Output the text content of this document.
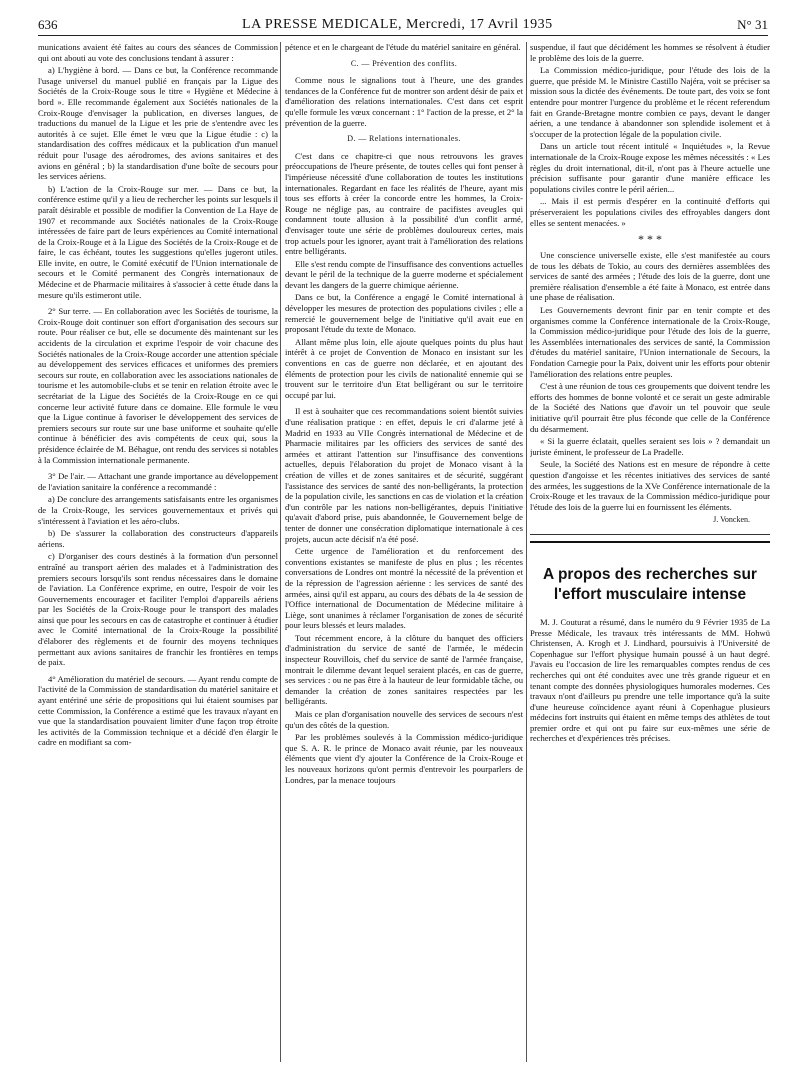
636	LA PRESSE MEDICALE, Mercredi, 17 Avril 1935	N° 31

munications avaient été faites au cours des séances de Commission qui ont abouti au vote des conclusions tendant à assurer :

a) L'hygiène à bord. — Dans ce but, la Conférence recommande l'usage universel du manuel publié en français par la Ligue des Sociétés de la Croix-Rouge sous le titre « Hygiène et Médecine à bord ». Elle recommande également aux Sociétés nationales de la Croix-Rouge d'envisager la publication, en diverses langues, de traductions du manuel de la Ligue et les prie de s'entendre avec les autorités à ce sujet. Elle émet le vœu que la Ligue étudie : c) la standardisation des coffres médicaux et la publication d'un manuel réduit pour l'usage des aérodromes, des avions sanitaires et des avions en général ; b) la standardisation d'une boîte de secours pour les services aériens.

b) L'action de la Croix-Rouge sur mer. — Dans ce but, la conférence estime qu'il y a lieu de rechercher les points sur lesquels il paraît désirable et possible de modifier la Convention de La Haye de 1907 et recommande aux Sociétés nationales de la Croix-Rouge intéressées de faire part de leurs expériences au Comité international de la Croix-Rouge et à la Ligue des Sociétés de la Croix-Rouge et de faire, le cas échéant, toutes les suggestions qu'elles jugeront utiles. Elle invite, en outre, le Comité exécutif de l'Union internationale de secours et le Comité permanent des Congrès internationaux de Médecine et de Pharmacie militaires à s'associer à cette étude dans la mesure qu'ils estimeront utile.

2° Sur terre. — En collaboration avec les Sociétés de tourisme, la Croix-Rouge doit continuer son effort d'organisation des secours sur route. Pour réaliser ce but, elle se documente dès maintenant sur les accidents de la circulation et exprime l'espoir de voir chacune des Sociétés nationales de la Croix-Rouge accorder une attention spéciale au développement des services efficaces et uniformes des premiers secours sur route, en collaboration avec les associations nationales de tourisme et les automobile-clubs et se tenir en relation étroite avec le secrétariat de la Ligue des Sociétés de la Croix-Rouge en ce qui concerne leur activité future dans ce domaine. Elle formule le vœu que la Ligue continue à favoriser le développement des services de premiers secours sur route sur une base uniforme et souhaite qu'elle continue à bénéficier des avis compétents de ceux qui, sous la présidence éclairée de M. Béhague, ont rendu des services si notables à la Commission internationale permanente.

3° De l'air. — Attachant une grande importance au développement de l'aviation sanitaire la conférence a recommandé :

a) De conclure des arrangements satisfaisants entre les organismes de la Croix-Rouge, les services gouvernementaux et privés qui s'intéressent à l'aviation et les aéro-clubs.

b) De s'assurer la collaboration des constructeurs d'appareils aériens.

c) D'organiser des cours destinés à la formation d'un personnel entraîné au transport aérien des malades et à l'administration des premiers secours lorsqu'ils sont rendus nécessaires dans le domaine de l'aviation. La Conférence exprime, en outre, l'espoir de voir les Gouvernements encourager et faciliter l'emploi d'appareils aériens par les Sociétés de la Croix-Rouge pour le transport des malades ainsi que pour les secours en cas de catastrophe et continuer à étudier avec le Comité international de la Croix-Rouge la possibilité d'élaborer des règlements et de fournir des moyens techniques permettant aux avions sanitaires de franchir les frontières en temps de paix.

4° Amélioration du matériel de secours. — Ayant rendu compte de l'activité de la Commission de standardisation du matériel sanitaire et ayant entériné une série de propositions qui lui étaient soumises par cette Commission, la Conférence a estimé que les travaux n'ayant en vue que la standardisation pouvaient limiter d'une façon trop étroite les activités de la Commission technique et a décidé d'en élargir le cadre en modifiant sa com-

pétence et en le chargeant de l'étude du matériel sanitaire en général.

C. — Prévention des conflits.

Comme nous le signalions tout à l'heure, une des grandes tendances de la Conférence fut de montrer son ardent désir de paix et d'amélioration des relations internationales. C'est dans cet esprit qu'elle formule les vœux concernant : 1° l'action de la presse, et 2° la prévention de la guerre.

D. — Relations internationales.

C'est dans ce chapitre-ci que nous retrouvons les graves préoccupations de l'heure présente, de toutes celles qui font penser à l'impérieuse nécessité d'une collaboration de toutes les institutions internationales. Regardant en face les réalités de l'heure, ayant mis tous ses efforts à créer la concorde entre les hommes, la Croix-Rouge ne néglige pas, au contraire de pacifistes aveugles qui condamnent toute allusion à la possibilité d'un conflit armé, d'envisager toute une série de problèmes douloureux certes, mais trop actuels pour les ignorer, ayant trait à l'amélioration des relations entre belligérants.

Elle s'est rendu compte de l'insuffisance des conventions actuelles devant le péril de la technique de la guerre moderne et spécialement devant les dangers de la guerre chimique aérienne.

Dans ce but, la Conférence a engagé le Comité international à développer les mesures de protection des populations civiles ; elle a remercié le gouvernement belge de l'initiative qu'il avait eue en proposant l'étude du texte de Monaco.

Allant même plus loin, elle ajoute quelques points du plus haut intérêt à ce projet de Convention de Monaco en insistant sur les conventions en cas de guerre non déclarée, et en ajoutant des éléments de protection pour les civils de nationalité ennemie qui se trouvent sur le territoire d'un Etat belligérant ou sur le territoire occupé par lui.

Il est à souhaiter que ces recommandations soient bientôt suivies d'une réalisation pratique : en effet, depuis le cri d'alarme jeté à Madrid en 1933 au VIIe Congrès international de Médecine et de Pharmacie militaires par les officiers des services de santé des armées et attirant l'attention sur l'insuffisance des conventions actuelles, depuis l'élaboration du projet de Monaco visant à la création de villes et de zones sanitaires et de sécurité, suggérant l'assistance des services de santé des non-belligérants, la protection de la population civile, les sanctions en cas de violation et la création d'un contrôle par les nations non-belligérantes, depuis l'initiative qu'avait d'abord prise, puis abandonnée, le Gouvernement belge de tenter de donner une consécration diplomatique internationale à ces projets, aucun acte décisif n'a été posé.

Cette urgence de l'amélioration et du renforcement des conventions existantes se manifeste de plus en plus ; les récentes conversations de Londres ont montré la nécessité de la prévention et de la répression de l'agression aérienne : les services de santé des armées, ainsi qu'il est apparu, au cours des débats de la 4e session de l'Office international de Documentation de Médecine militaire à Liège, sont unanimes à réclamer l'organisation de zones de sécurité pour leurs blessés et leurs malades.

Tout récemment encore, à la clôture du banquet des officiers d'administration du service de santé de l'armée, le médecin inspecteur Rouvillois, chef du service de santé de l'armée française, montrait le dilemme devant lequel seraient placés, en cas de guerre, ses services : ou ne pas être à la hauteur de leur formidable tâche, ou demander la création de zones sanitaires respectées par les belligérants.

Mais ce plan d'organisation nouvelle des services de secours n'est qu'un des côtés de la question.

Par les problèmes soulevés à la Commission médico-juridique que S. A. R. le prince de Monaco avait réunie, par les nouveaux éléments que vient d'y ajouter la Conférence de la Croix-Rouge et les nouveaux horizons qu'ont permis d'entrevoir les pourparlers de Londres, par la menace toujours

suspendue, il faut que décidément les hommes se résolvent à étudier le problème des lois de la guerre.

La Commission médico-juridique, pour l'étude des lois de la guerre, que préside M. le Ministre Castillo Najéra, voit se préciser sa mission sous la dictée des événements. De toute part, des voix se font entendre pour montrer l'urgence du problème et le récent referendum fait en Grande-Bretagne montre combien ce pays, devant le danger aérien, a une tendance à abandonner son splendide isolement et à s'occuper de la protection légale de la population civile.

Dans un article tout récent intitulé « Inquiétudes », la Revue internationale de la Croix-Rouge expose les mêmes nécessités : « Les règles du droit international, dit-il, n'ont pas à l'heure actuelle une précision suffisante pour garantir d'une manière efficace les populations civiles contre le péril aérien...

... Mais il est permis d'espérer en la continuité d'efforts qui préserveraient les populations civiles des effroyables dangers dont elles se sentent menacées. »

* * *

Une conscience universelle existe, elle s'est manifestée au cours de tous les débats de Tokio, au cours des dernières assemblées des services de santé des armées ; l'étude des lois de la guerre, dont une première réalisation d'ensemble a été faite à Monaco, est entrée dans une phase de réalisation.

Les Gouvernements devront finir par en tenir compte et des organismes comme la Conférence internationale de la Croix-Rouge, la Commission médico-juridique pour l'étude des lois de la guerre, les Assemblées internationales des services de santé, la Commission d'études du matériel sanitaire, l'Union internationale de Secours, la Fondation Carnegie pour la Paix, doivent unir les efforts pour obtenir l'amélioration des relations entre peuples.

C'est à une réunion de tous ces groupements que doivent tendre les efforts des hommes de bonne volonté et ce serait un geste admirable de la Société des Nations que d'avoir un tel pouvoir que seule initiative qu'il pourrait être plus féconde que celle de la Conférence du désarmement.

« Si la guerre éclatait, quelles seraient ses lois » ? demandait un juriste éminent, le professeur de La Pradelle.

Seule, la Société des Nations est en mesure de répondre à cette question d'angoisse et les récentes initiatives des services de santé des armées, les suggestions de la XVe Conférence internationale de la Croix-Rouge et les travaux de la Commission médico-juridique pour l'étude des lois de la guerre lui en fournissent les éléments.

J. Voncken.

A propos des recherches sur l'effort musculaire intense

M. J. Couturat a résumé, dans le numéro du 9 Février 1935 de La Presse Médicale, les travaux très intéressants de MM. Hohwü Christensen, A. Krogh et J. Lindhard, poursuivis à l'Université de Copenhague sur l'effort physique humain poussé à un haut degré. J'avais eu l'occasion de lire les remarquables comptes rendus de ces recherches qui ont été conduites avec une très grande rigueur et en tenant compte des données physiologiques humorales modernes. Ces travaux n'ont d'ailleurs pu prendre une telle importance qu'à la suite d'une heureuse coïncidence ayant réuni à Copenhague plusieurs médecins fort instruits qui étaient en même temps des athlètes de tout premier ordre et qui ont pu faire sur eux-mêmes une série de recherches et d'expériences très précises.
